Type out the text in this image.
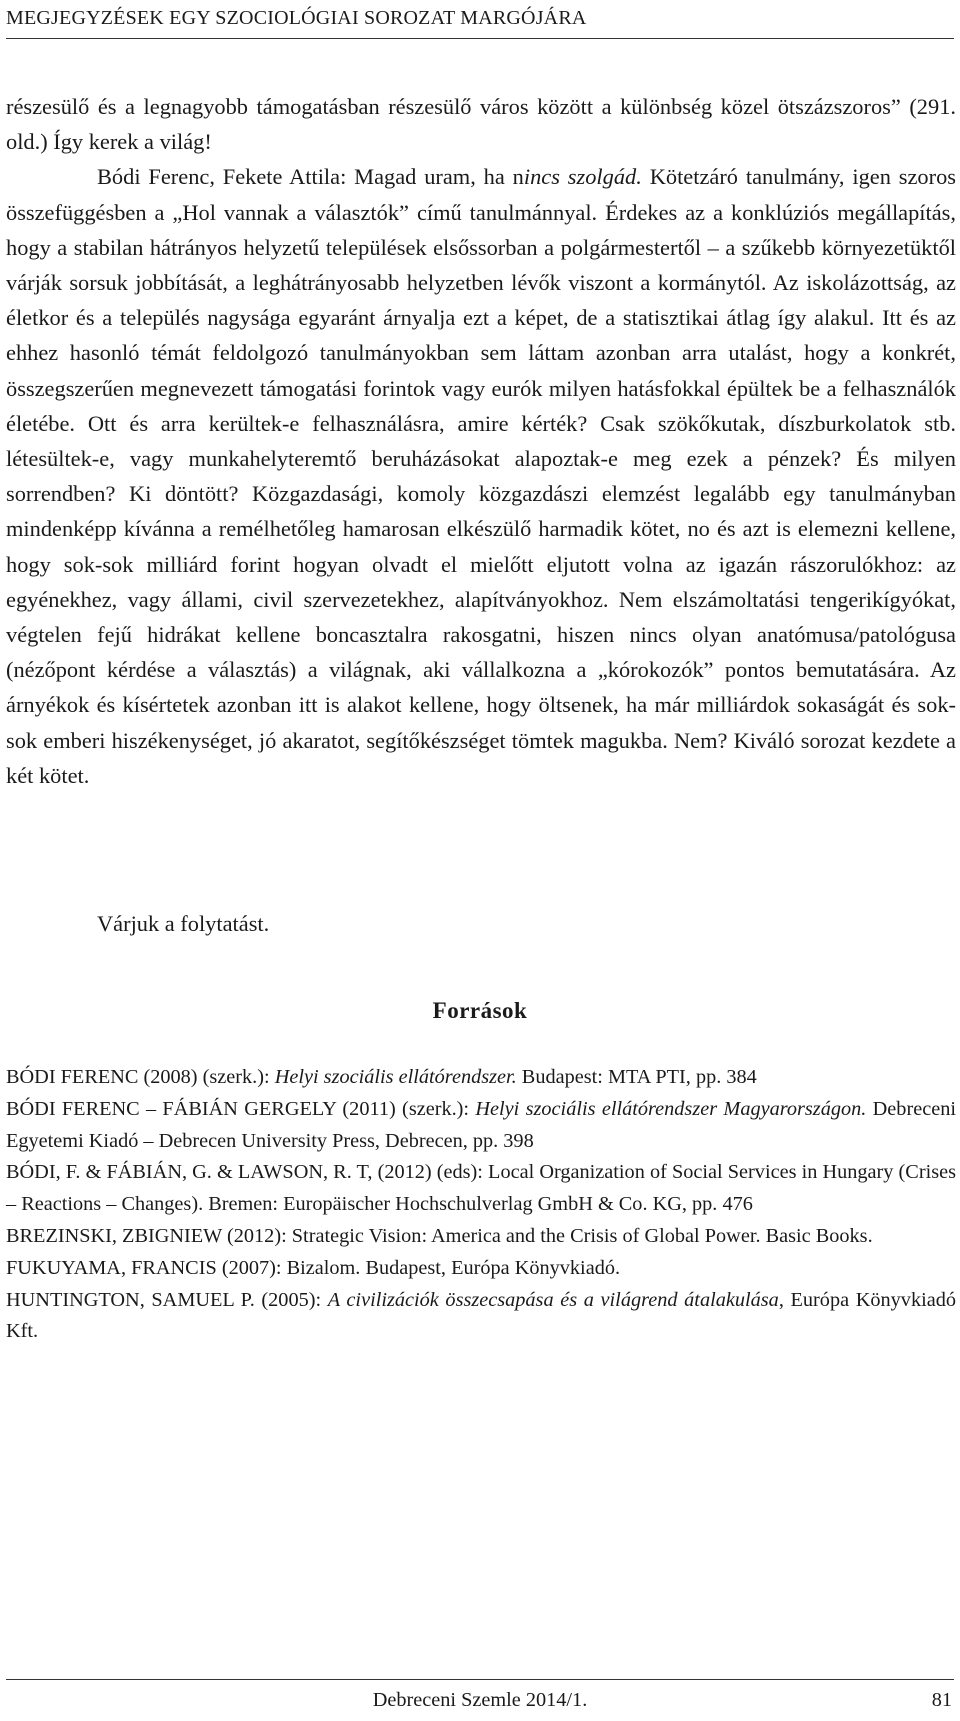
MEGJEGYZÉSEK EGY SZOCIOLÓGIAI SOROZAT MARGÓJÁRA
részesülő és a legnagyobb támogatásban részesülő város között a különbség közel ötszázszoros” (291. old.) Így kerek a világ!
Bódi Ferenc, Fekete Attila: Magad uram, ha nincs szolgád. Kötetzáró tanulmány, igen szoros összefüggésben a „Hol vannak a választók” című tanulmánnyal. Érdekes az a konklúziós megállapítás, hogy a stabilan hátrányos helyzetű települések elsőssorban a polgármestertől ‒ a szűkebb környezetüktől várják sorsuk jobbítását, a leghátrányosabb helyzetben lévők viszont a kormánytól. Az iskolázottság, az életkor és a település nagysága egyaránt árnyalja ezt a képet, de a statisztikai átlag így alakul. Itt és az ehhez hasonló témát feldolgozó tanulmányokban sem láttam azonban arra utalást, hogy a konkrét, összegszerűen megnevezett támogatási forintok vagy eurók milyen hatásfokkal épültek be a felhasználók életébe. Ott és arra kerültek-e felhasználásra, amire kérték? Csak szökőkutak, díszburkolatok stb. létesültek-e, vagy munkahelyteremtő beruházásokat alapoztak-e meg ezek a pénzek? És milyen sorrendben? Ki döntött? Közgazdasági, komoly közgazdászi elemzést legalább egy tanulmányban mindenképp kívánna a remélhetőleg hamarosan elkészülő harmadik kötet, no és azt is elemezni kellene, hogy sok-sok milliárd forint hogyan olvadt el mielőtt eljutott volna az igazán rászorulókhoz: az egyénekhez, vagy állami, civil szervezetekhez, alapítványokhoz. Nem elszámoltatási tengerikígyókat, végtelen fejű hidrákat kellene boncasztalra rakosgatni, hiszen nincs olyan anatómusa/patológusa (nézőpont kérdése a választás) a világnak, aki vállalkozna a „kórokozók” pontos bemutatására. Az árnyékok és kísértetek azonban itt is alakot kellene, hogy öltsenek, ha már milliárdok sokaságát és sok-sok emberi hiszékenységet, jó akaratot, segítőkészséget tömtek magukba. Nem? Kiváló sorozat kezdete a két kötet.
Várjuk a folytatást.
Források

BÓDI FERENC (2008) (szerk.): Helyi szociális ellátórendszer. Budapest: MTA PTI, pp. 384

BÓDI FERENC ‒ FÁBIÁN GERGELY (2011) (szerk.): Helyi szociális ellátórendszer Magyarországon. Debreceni Egyetemi Kiadó ‒ Debrecen University Press, Debrecen, pp. 398

BÓDI, F. & FÁBIÁN, G. & LAWSON, R. T, (2012) (eds): Local Organization of Social Services in Hungary (Crises ‒ Reactions ‒ Changes). Bremen: Europäischer Hochschulverlag GmbH & Co. KG, pp. 476

BREZINSKI, ZBIGNIEW (2012): Strategic Vision: America and the Crisis of Global Power. Basic Books.

FUKUYAMA, FRANCIS (2007): Bizalom. Budapest, Európa Könyvkiadó.

HUNTINGTON, SAMUEL P. (2005): A civilizációk összecsapása és a világrend átalakulása, Európa Könyvkiadó Kft.

Debreceni Szemle 2014/1.	81
